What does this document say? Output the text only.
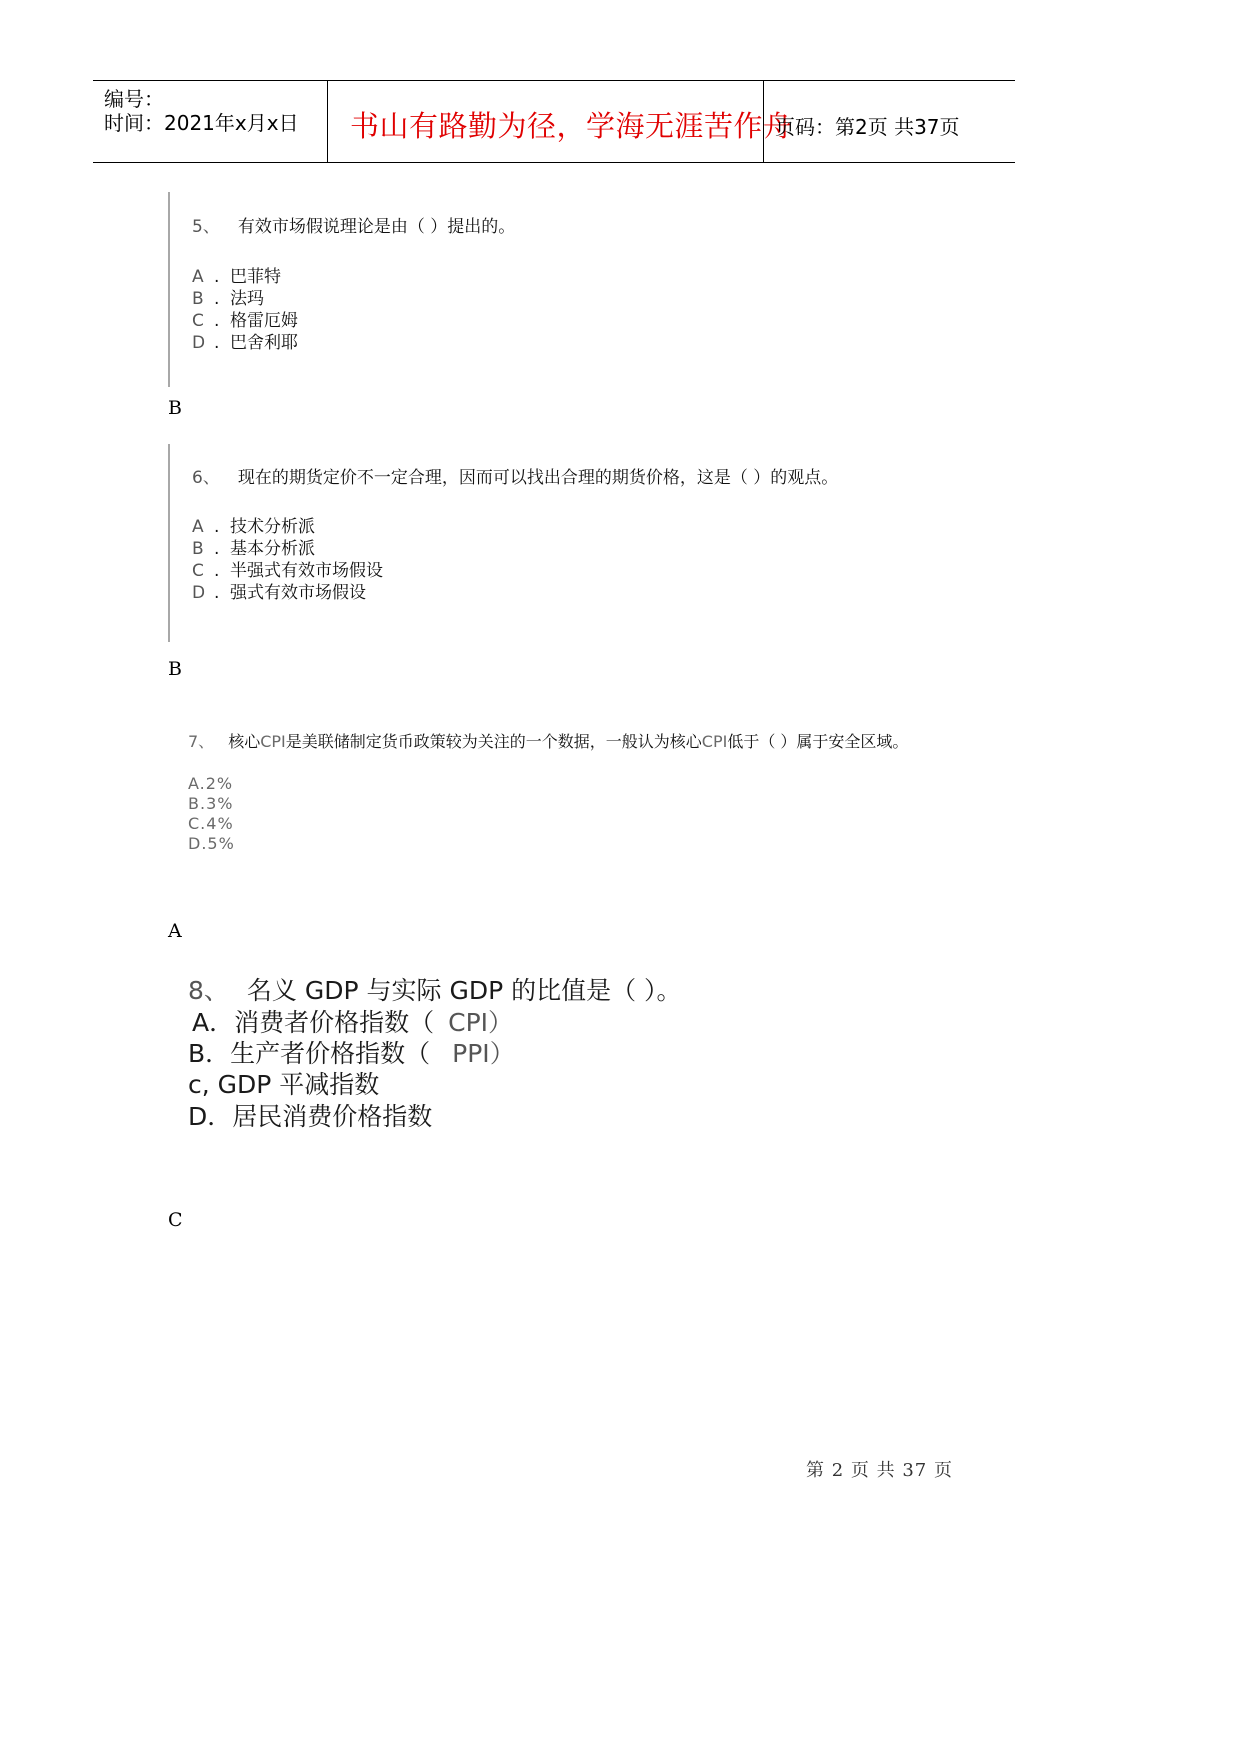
编号：
时间：2021年x月x日 书山有路勤为径，学海无涯苦作舟
页码：第2页 共37页
5、 有效市场假说理论是由（ ）提出的。
A . 巴菲特
B . 法玛
C . 格雷厄姆
D . 巴舍利耶
B
6、 现在的期货定价不一定合理，因而可以找出合理的期货价格，这是（ ）的观点。
A . 技术分析派
B . 基本分析派
C . 半强式有效市场假设
D . 强式有效市场假设
B
7、 核心CPI是美联储制定货币政策较为关注的一个数据，一般认为核心CPI低于（ ）属于安全区域。
A.2%
B.3%
C.4%
D.5%
A
8、 名义 GDP 与实际 GDP 的比值是（ ）。
A．消费者价格指数（ CPI）
B．生产者价格指数（ PPI）
c, GDP 平减指数
D．居民消费价格指数
C
第 2 页 共 37 页
